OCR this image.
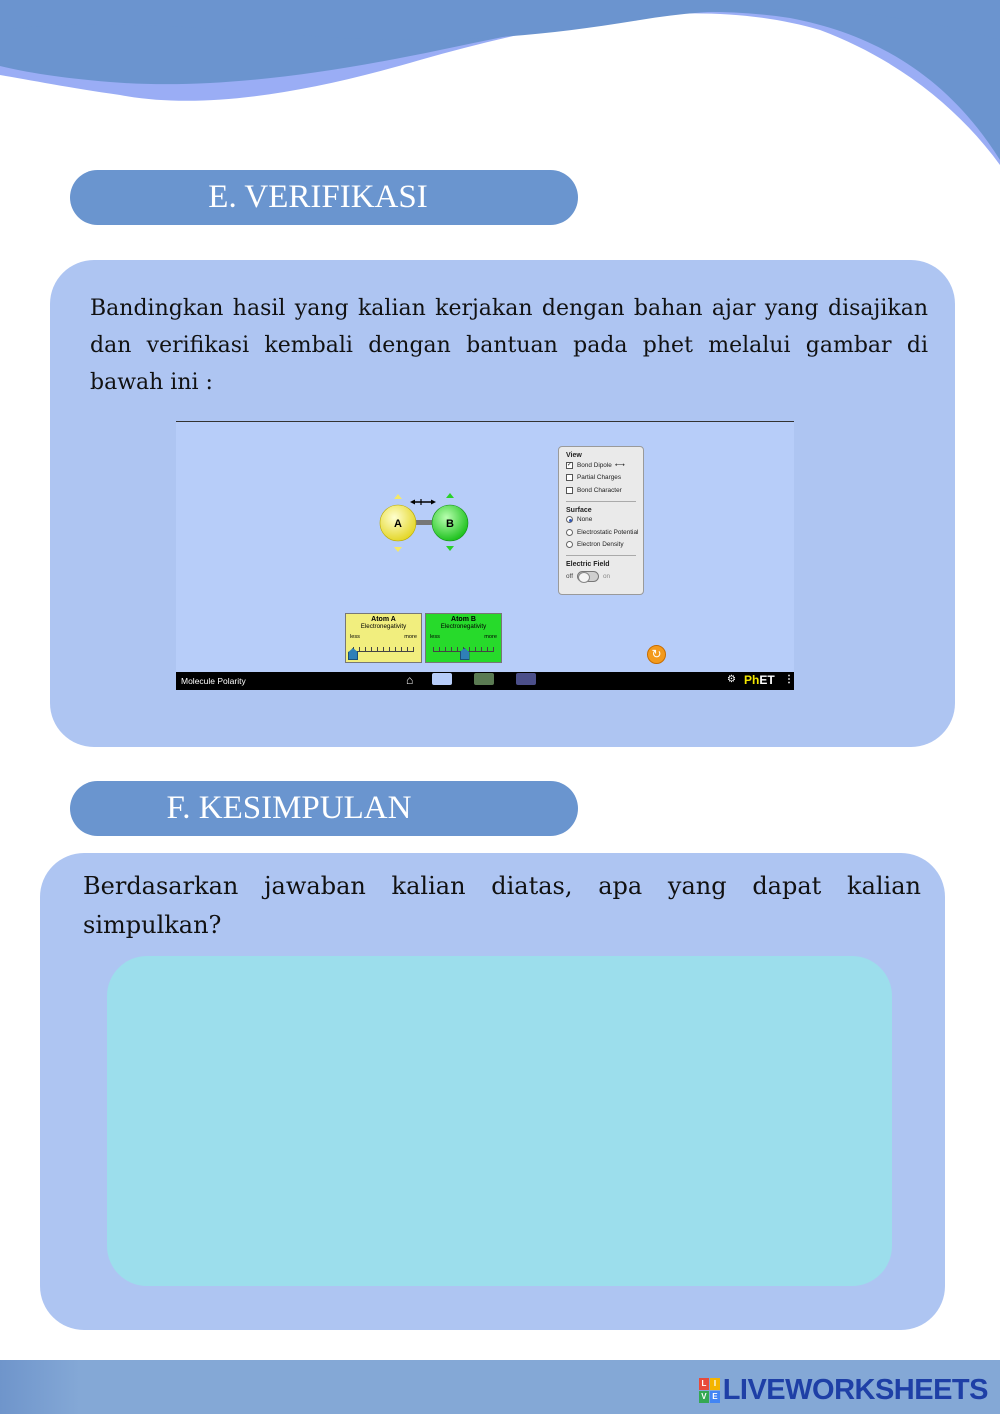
E. VERIFIKASI

Bandingkan hasil yang kalian kerjakan dengan bahan ajar yang disajikan dan verifikasi kembali dengan bantuan pada phet melalui gambar di bawah ini :

A	B
View
✓ Bond Dipole ⟷
Partial Charges
Bond Character
Surface
None
Electrostatic Potential
Electron Density
Electric Field
off	on
Atom A
Electronegativity
less	more
Atom B
Electronegativity
less	more
↻
Molecule Polarity	⌂	⚙ PhET ⋮
F. KESIMPULAN

Berdasarkan jawaban kalian diatas, apa yang dapat kalian simpulkan?

L I
V E LIVEWORKSHEETS
